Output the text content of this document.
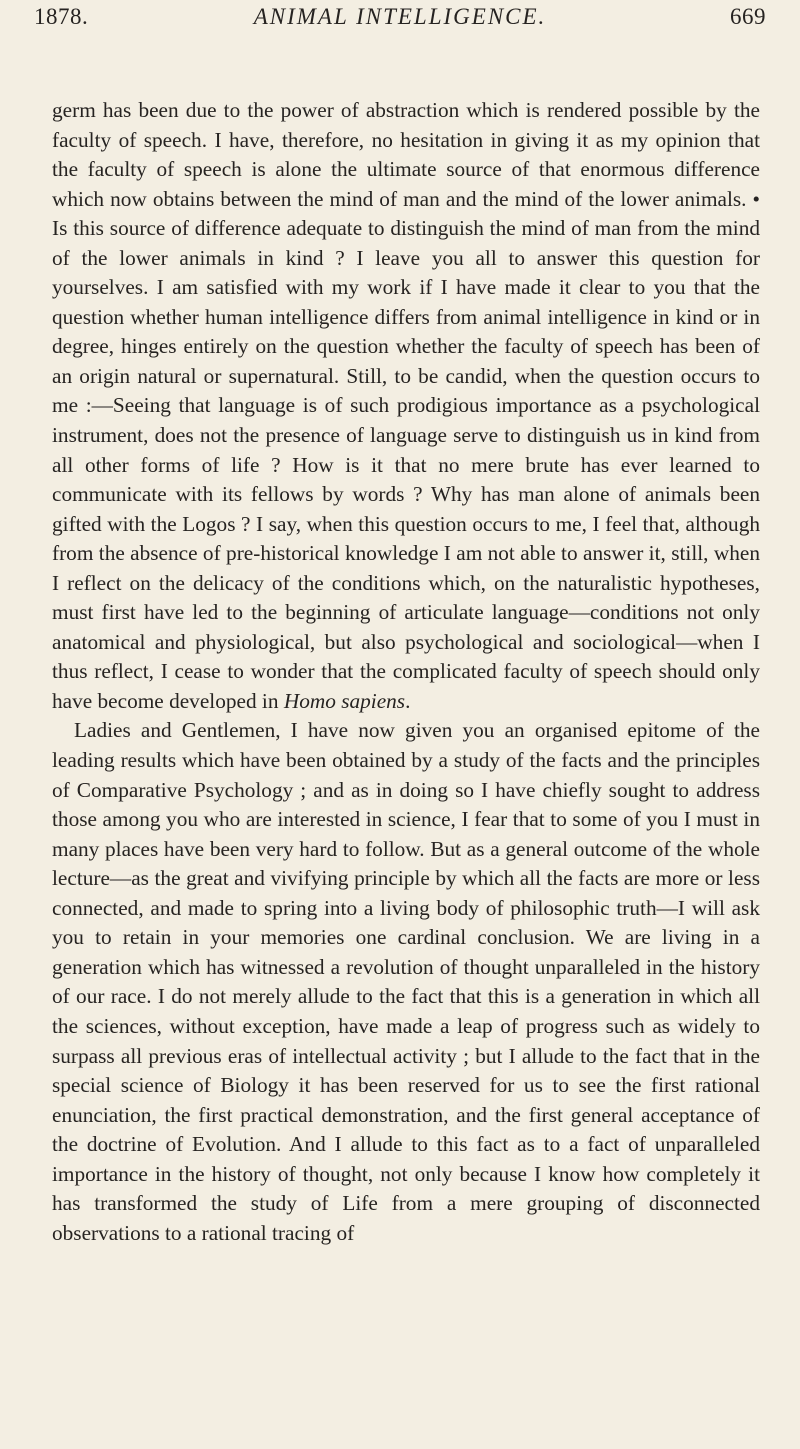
1878.	ANIMAL INTELLIGENCE.	669

germ has been due to the power of abstraction which is rendered possible by the faculty of speech. I have, therefore, no hesitation in giving it as my opinion that the faculty of speech is alone the ultimate source of that enormous difference which now obtains between the mind of man and the mind of the lower animals. • Is this source of difference adequate to distinguish the mind of man from the mind of the lower animals in kind ? I leave you all to answer this question for yourselves. I am satisfied with my work if I have made it clear to you that the question whether human intelligence differs from animal intelligence in kind or in degree, hinges entirely on the question whether the faculty of speech has been of an origin natural or supernatural. Still, to be candid, when the question occurs to me :—Seeing that language is of such prodigious importance as a psychological instrument, does not the presence of language serve to distinguish us in kind from all other forms of life ? How is it that no mere brute has ever learned to communicate with its fellows by words ? Why has man alone of animals been gifted with the Logos ? I say, when this question occurs to me, I feel that, although from the absence of pre-historical knowledge I am not able to answer it, still, when I reflect on the delicacy of the conditions which, on the naturalistic hypotheses, must first have led to the beginning of articulate language—conditions not only anatomical and physiological, but also psychological and sociological—when I thus reflect, I cease to wonder that the complicated faculty of speech should only have become developed in Homo sapiens.

Ladies and Gentlemen, I have now given you an organised epitome of the leading results which have been obtained by a study of the facts and the principles of Comparative Psychology ; and as in doing so I have chiefly sought to address those among you who are interested in science, I fear that to some of you I must in many places have been very hard to follow. But as a general outcome of the whole lecture—as the great and vivifying principle by which all the facts are more or less connected, and made to spring into a living body of philosophic truth—I will ask you to retain in your memories one cardinal conclusion. We are living in a generation which has witnessed a revolution of thought unparalleled in the history of our race. I do not merely allude to the fact that this is a generation in which all the sciences, without exception, have made a leap of progress such as widely to surpass all previous eras of intellectual activity ; but I allude to the fact that in the special science of Biology it has been reserved for us to see the first rational enunciation, the first practical demonstration, and the first general acceptance of the doctrine of Evolution. And I allude to this fact as to a fact of unparalleled importance in the history of thought, not only because I know how completely it has transformed the study of Life from a mere grouping of disconnected observations to a rational tracing of
